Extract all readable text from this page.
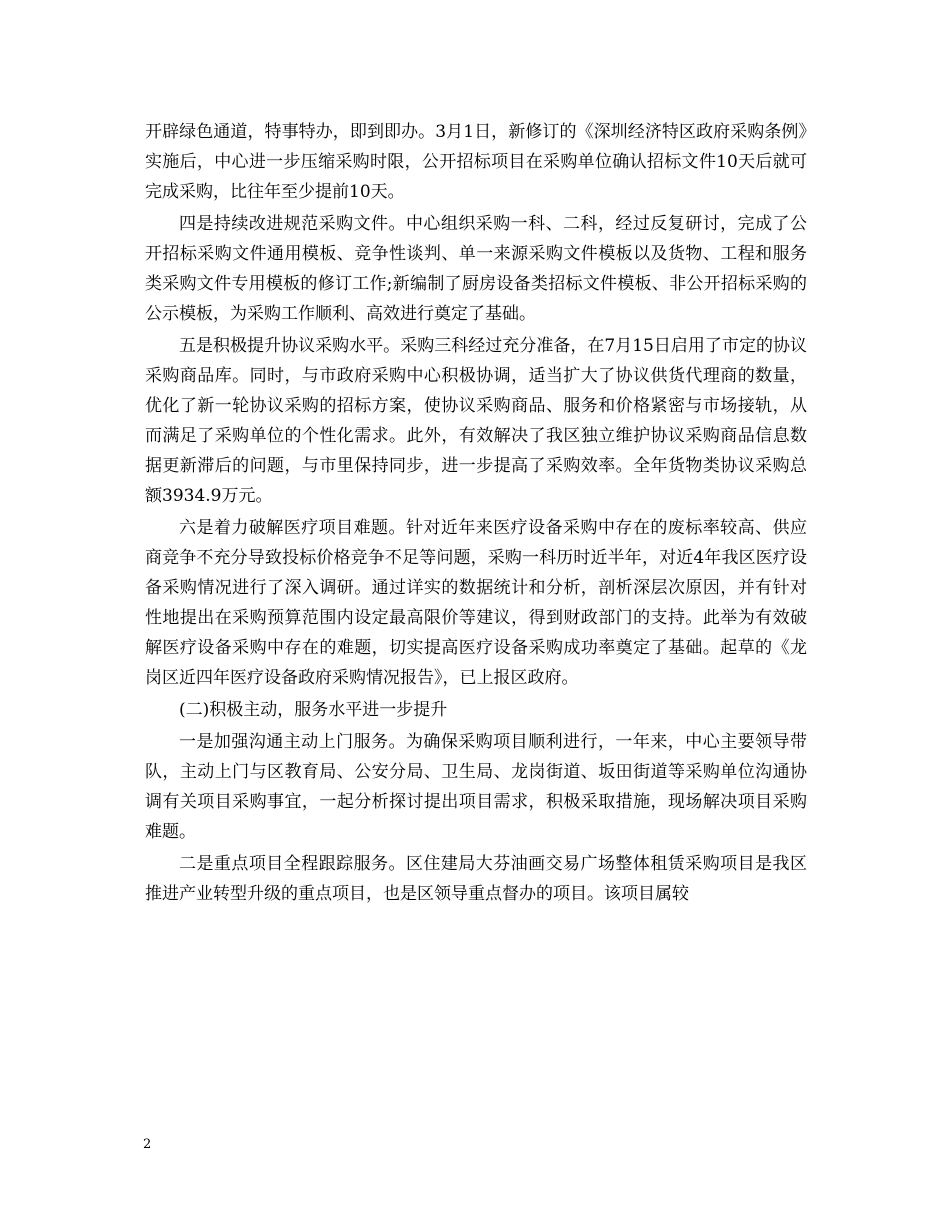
开辟绿色通道，特事特办，即到即办。3月1日，新修订的《深圳经济特区政府采购条例》实施后，中心进一步压缩采购时限，公开招标项目在采购单位确认招标文件10天后就可完成采购，比往年至少提前10天。

四是持续改进规范采购文件。中心组织采购一科、二科，经过反复研讨，完成了公开招标采购文件通用模板、竞争性谈判、单一来源采购文件模板以及货物、工程和服务类采购文件专用模板的修订工作;新编制了厨房设备类招标文件模板、非公开招标采购的公示模板，为采购工作顺利、高效进行奠定了基础。

五是积极提升协议采购水平。采购三科经过充分准备，在7月15日启用了市定的协议采购商品库。同时，与市政府采购中心积极协调，适当扩大了协议供货代理商的数量，优化了新一轮协议采购的招标方案，使协议采购商品、服务和价格紧密与市场接轨，从而满足了采购单位的个性化需求。此外，有效解决了我区独立维护协议采购商品信息数据更新滞后的问题，与市里保持同步，进一步提高了采购效率。全年货物类协议采购总额3934.9万元。

六是着力破解医疗项目难题。针对近年来医疗设备采购中存在的废标率较高、供应商竞争不充分导致投标价格竞争不足等问题，采购一科历时近半年，对近4年我区医疗设备采购情况进行了深入调研。通过详实的数据统计和分析，剖析深层次原因，并有针对性地提出在采购预算范围内设定最高限价等建议，得到财政部门的支持。此举为有效破解医疗设备采购中存在的难题，切实提高医疗设备采购成功率奠定了基础。起草的《龙岗区近四年医疗设备政府采购情况报告》，已上报区政府。

(二)积极主动，服务水平进一步提升

一是加强沟通主动上门服务。为确保采购项目顺利进行，一年来，中心主要领导带队，主动上门与区教育局、公安分局、卫生局、龙岗街道、坂田街道等采购单位沟通协调有关项目采购事宜，一起分析探讨提出项目需求，积极采取措施，现场解决项目采购难题。

二是重点项目全程跟踪服务。区住建局大芬油画交易广场整体租赁采购项目是我区推进产业转型升级的重点项目，也是区领导重点督办的项目。该项目属较

2
